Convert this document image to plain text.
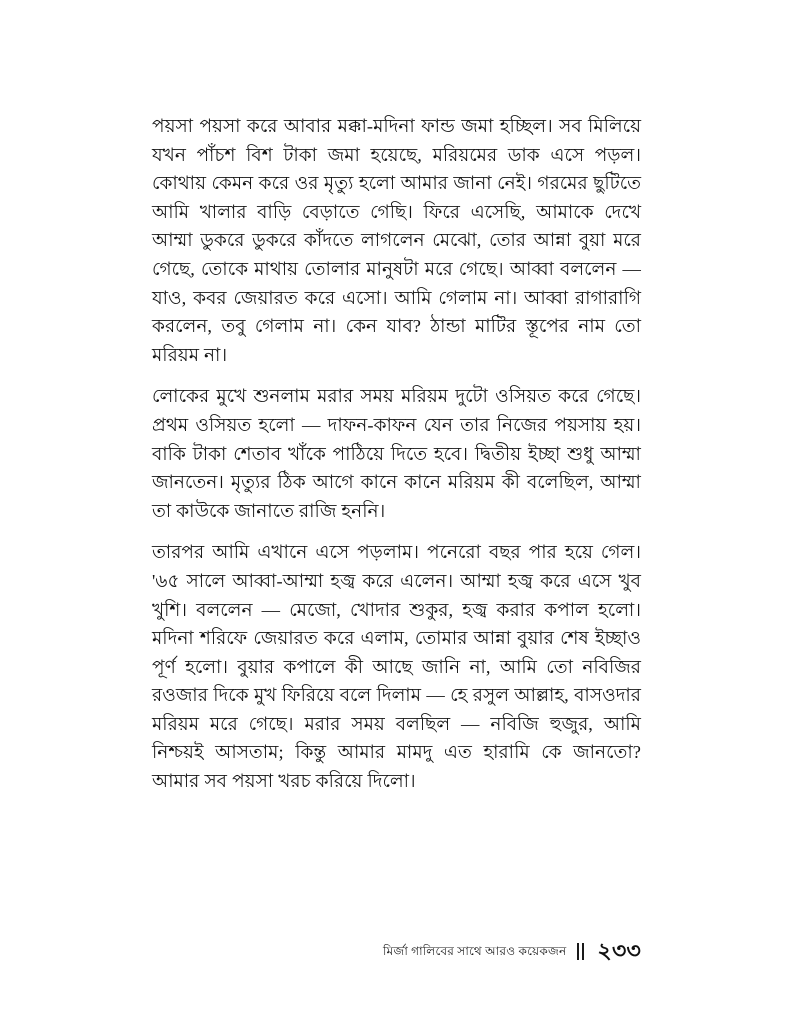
পয়সা পয়সা করে আবার মক্কা-মদিনা ফান্ড জমা হচ্ছিল। সব মিলিয়ে যখন পাঁচশ বিশ টাকা জমা হয়েছে, মরিয়মের ডাক এসে পড়ল। কোথায় কেমন করে ওর মৃত্যু হলো আমার জানা নেই। গরমের ছুটিতে আমি খালার বাড়ি বেড়াতে গেছি। ফিরে এসেছি, আমাকে দেখে আম্মা ডুকরে ডুকরে কাঁদতে লাগলেন মেঝো, তোর আন্না বুয়া মরে গেছে, তোকে মাথায় তোলার মানুষটা মরে গেছে। আব্বা বললেন — যাও, কবর জেয়ারত করে এসো। আমি গেলাম না। আব্বা রাগারাগি করলেন, তবু গেলাম না। কেন যাব? ঠান্ডা মাটির স্তূপের নাম তো মরিয়ম না।

লোকের মুখে শুনলাম মরার সময় মরিয়ম দুটো ওসিয়ত করে গেছে। প্রথম ওসিয়ত হলো — দাফন-কাফন যেন তার নিজের পয়সায় হয়। বাকি টাকা শেতাব খাঁকে পাঠিয়ে দিতে হবে। দ্বিতীয় ইচ্ছা শুধু আম্মা জানতেন। মৃত্যুর ঠিক আগে কানে কানে মরিয়ম কী বলেছিল, আম্মা তা কাউকে জানাতে রাজি হননি।

তারপর আমি এখানে এসে পড়লাম। পনেরো বছর পার হয়ে গেল। '৬৫ সালে আব্বা-আম্মা হজ্ব করে এলেন। আম্মা হজ্ব করে এসে খুব খুশি। বললেন — মেজো, খোদার শুকুর, হজ্ব করার কপাল হলো। মদিনা শরিফে জেয়ারত করে এলাম, তোমার আন্না বুয়ার শেষ ইচ্ছাও পূর্ণ হলো। বুয়ার কপালে কী আছে জানি না, আমি তো নবিজির রওজার দিকে মুখ ফিরিয়ে বলে দিলাম — হে রসুল আল্লাহ, বাসওদার মরিয়ম মরে গেছে। মরার সময় বলছিল — নবিজি হুজুর, আমি নিশ্চয়ই আসতাম; কিন্তু আমার মামদু এত হারামি কে জানতো? আমার সব পয়সা খরচ করিয়ে দিলো।

মির্জা গালিবের সাথে আরও কয়েকজন ২৩৩
